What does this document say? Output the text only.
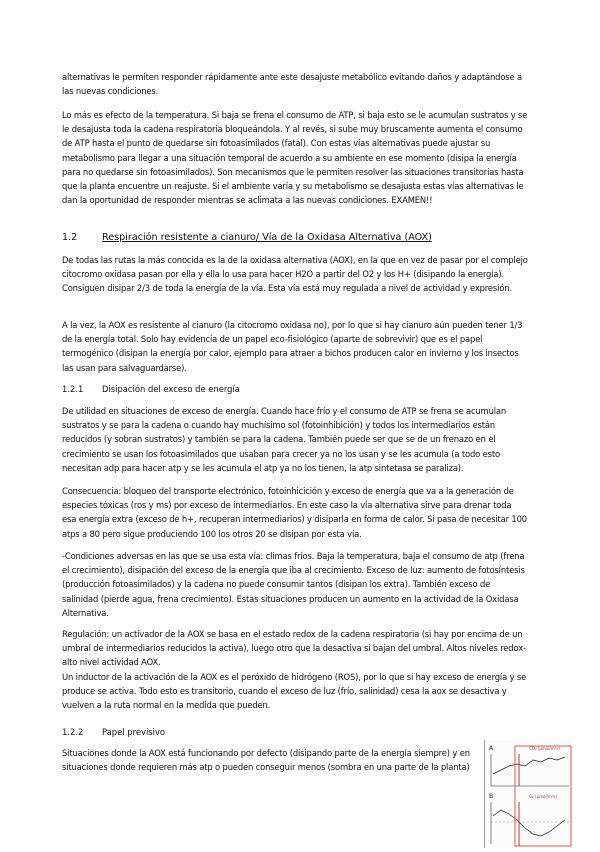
alternativas le permiten responder rápidamente ante este desajuste metabólico evitando daños y adaptándose a las nuevas condiciones.

Lo más es efecto de la temperatura. Si baja se frena el consumo de ATP, si baja esto se le acumulan sustratos y se le desajusta toda la cadena respiratoria bloqueándola. Y al revés, si sube muy bruscamente aumenta el consumo de ATP hasta el punto de quedarse sin fotoasimilados (fatal). Con estas vías alternativas puede ajustar su metabolismo para llegar a una situación temporal de acuerdo a su ambiente en ese momento (disipa la energía para no quedarse sin fotoasimilados). Son mecanismos que le permiten resolver las situaciones transitorias hasta que la planta encuentre un reajuste. Si el ambiente varía y su metabolismo se desajusta estas vías alternativas le dan la oportunidad de responder mientras se aclimata a las nuevas condiciones. EXAMEN!!

1.2	Respiración resistente a cianuro/ Vía de la Oxidasa Alternativa (AOX)

De todas las rutas la más conocida es la de la oxidasa alternativa (AOX), en la que en vez de pasar por el complejo citocromo oxidasa pasan por ella y ella lo usa para hacer H2O a partir del O2 y los H+ (disipando la energía). Consiguen disipar 2/3 de toda la energía de la vía. Esta vía está muy regulada a nivel de actividad y expresión.

A la vez, la AOX es resistente al cianuro (la citocromo oxidasa no), por lo que si hay cianuro aún pueden tener 1/3 de la energía total. Solo hay evidencia de un papel eco-fisiológico (aparte de sobrevivir) que es el papel termogénico (disipan la energía por calor, ejemplo para atraer a bichos producen calor en invierno y los insectos las usan para salvaguardarse).

1.2.1 Disipación del exceso de energía

De utilidad en situaciones de exceso de energía. Cuando hace frío y el consumo de ATP se frena se acumulan sustratos y se para la cadena o cuando hay muchísimo sol (fotoinhibición) y todos los intermediarios están reducidos (y sobran sustratos) y también se para la cadena. También puede ser que se de un frenazo en el crecimiento se usan los fotoasimilados que usaban para crecer ya no los usan y se les acumula (a todo esto necesitan adp para hacer atp y se les acumula el atp ya no los tienen, la atp sintetasa se paraliza).

Consecuencia: bloqueo del transporte electrónico, fotoinhicición y exceso de energía que va a la generación de especies tóxicas (ros y ms) por exceso de intermediarios. En este caso la vía alternativa sirve para drenar toda esa energía extra (exceso de h+, recuperan intermediarios) y disiparla en forma de calor. Si pasa de necesitar 100 atps a 80 pero sigue produciendo 100 los otros 20 se disipan por esta vía.

-Condiciones adversas en las que se usa esta vía: climas fríos. Baja la temperatura, baja el consumo de atp (frena el crecimiento), disipación del exceso de la energía que iba al crecimiento. Exceso de luz: aumento de fotosíntesis (producción fotoasimilados) y la cadena no puede consumir tantos (disipan los extra). También exceso de salinidad (pierde agua, frena crecimiento). Estas situaciones producen un aumento en la actividad de la Oxidasa Alternativa.

Regulación: un activador de la AOX se basa en el estado redox de la cadena respiratoria (si hay por encima de un umbral de intermediarios reducidos la activa), luego otro que la desactiva si bajan del umbral. Altos niveles redox- alto nivel actividad AOX.

Un inductor de la activación de la AOX es el peróxido de hidrógeno (ROS), por lo que si hay exceso de energía y se produce se activa. Todo esto es transitorio, cuando el exceso de luz (frío, salinidad) cesa la aox se desactiva y vuelven a la ruta normal en la medida que pueden.

1.2.2 Papel previsivo

Situaciones donde la AOX está funcionando por defecto (disipando parte de la energía siempre) y en situaciones donde requieren más atp o pueden conseguir menos (sombra en una parte de la planta)

A	CO₂ (µmol/m²s)
B	O₂ (µmol/m²s)
